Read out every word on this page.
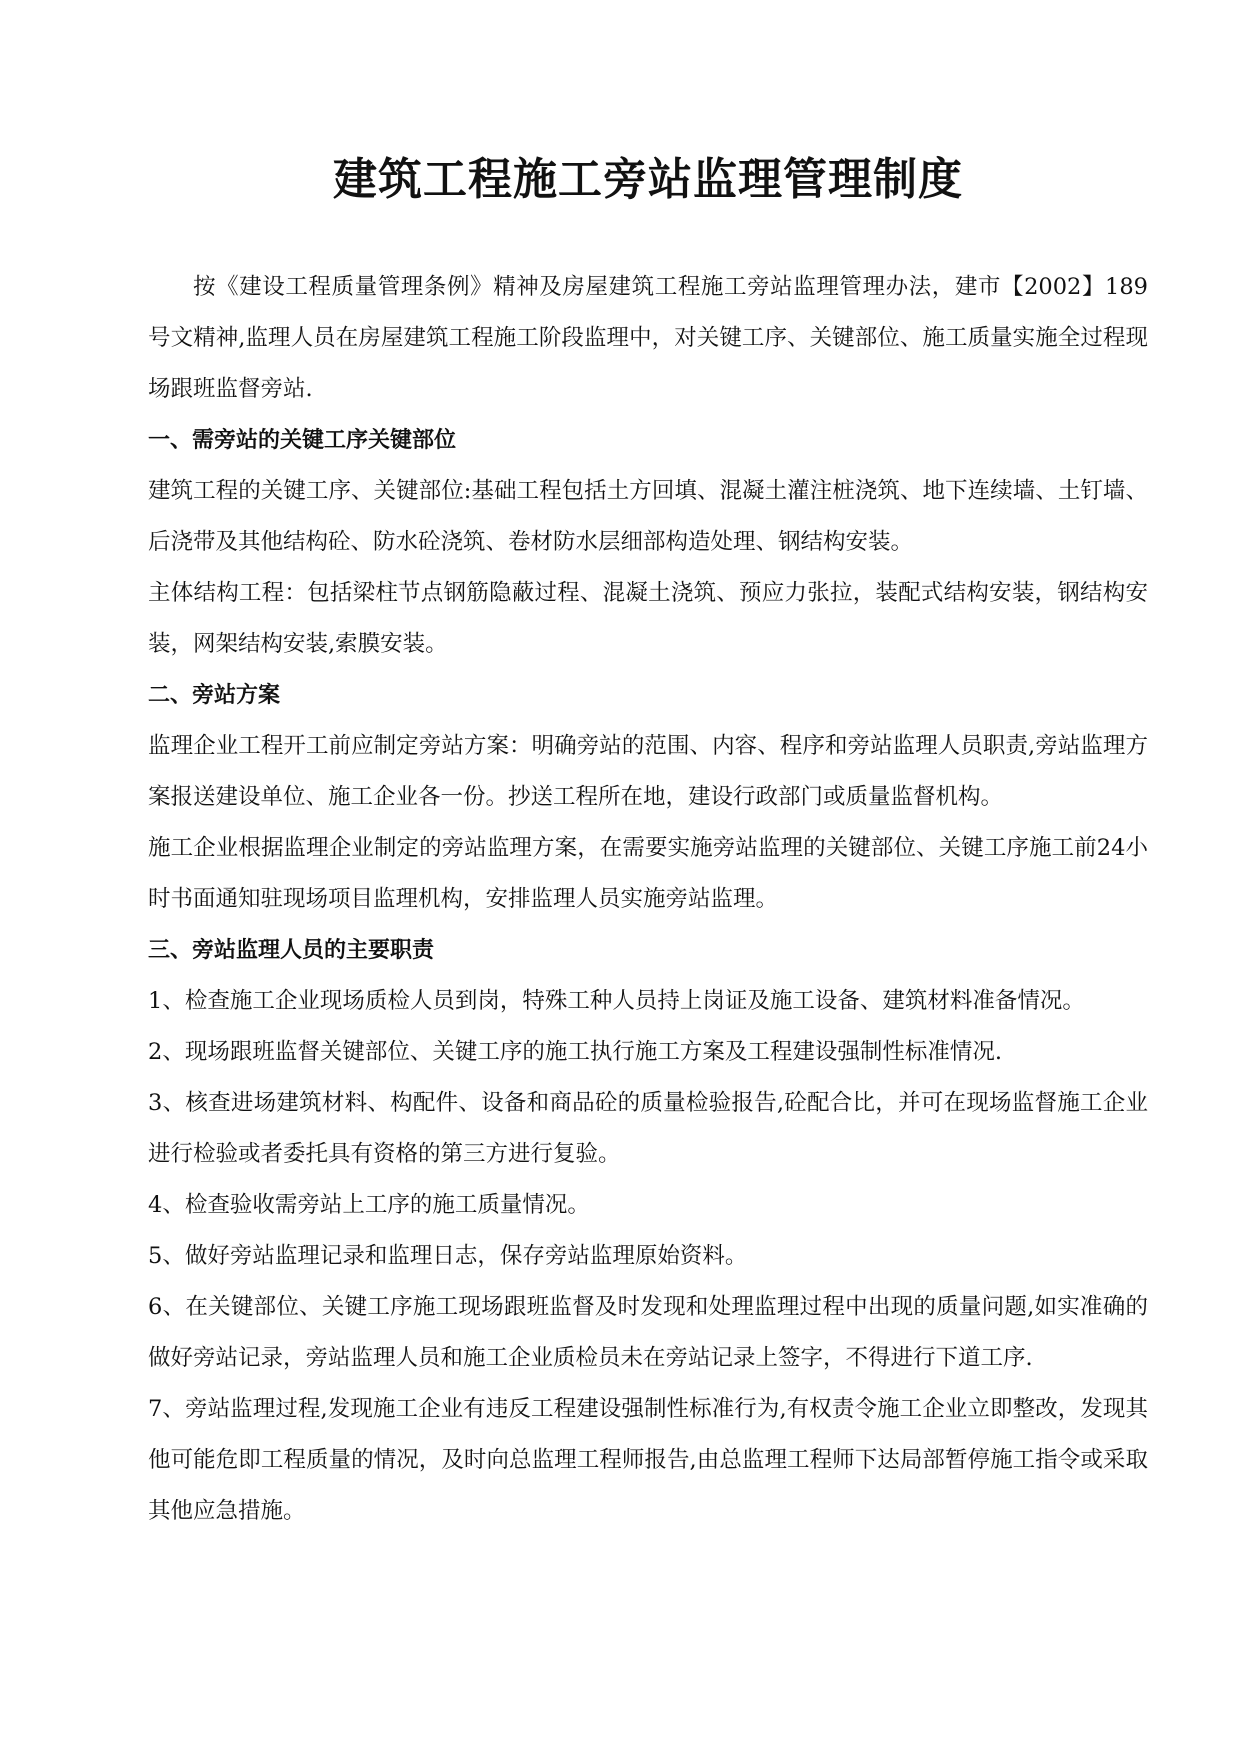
建筑工程施工旁站监理管理制度

按《建设工程质量管理条例》精神及房屋建筑工程施工旁站监理管理办法，建市【2002】189号文精神,监理人员在房屋建筑工程施工阶段监理中，对关键工序、关键部位、施工质量实施全过程现场跟班监督旁站.

一、需旁站的关键工序关键部位

建筑工程的关键工序、关键部位:基础工程包括土方回填、混凝土灌注桩浇筑、地下连续墙、土钉墙、后浇带及其他结构砼、防水砼浇筑、卷材防水层细部构造处理、钢结构安装。

主体结构工程：包括梁柱节点钢筋隐蔽过程、混凝土浇筑、预应力张拉，装配式结构安装，钢结构安装，网架结构安装,索膜安装。

二、旁站方案

监理企业工程开工前应制定旁站方案：明确旁站的范围、内容、程序和旁站监理人员职责,旁站监理方案报送建设单位、施工企业各一份。抄送工程所在地，建设行政部门或质量监督机构。

施工企业根据监理企业制定的旁站监理方案，在需要实施旁站监理的关键部位、关键工序施工前24小时书面通知驻现场项目监理机构，安排监理人员实施旁站监理。

三、旁站监理人员的主要职责

1、检查施工企业现场质检人员到岗，特殊工种人员持上岗证及施工设备、建筑材料准备情况。

2、现场跟班监督关键部位、关键工序的施工执行施工方案及工程建设强制性标准情况.

3、核查进场建筑材料、构配件、设备和商品砼的质量检验报告,砼配合比，并可在现场监督施工企业进行检验或者委托具有资格的第三方进行复验。

4、检查验收需旁站上工序的施工质量情况。

5、做好旁站监理记录和监理日志，保存旁站监理原始资料。

6、在关键部位、关键工序施工现场跟班监督及时发现和处理监理过程中出现的质量问题,如实准确的做好旁站记录，旁站监理人员和施工企业质检员未在旁站记录上签字，不得进行下道工序.

7、旁站监理过程,发现施工企业有违反工程建设强制性标准行为,有权责令施工企业立即整改，发现其他可能危即工程质量的情况，及时向总监理工程师报告,由总监理工程师下达局部暂停施工指令或采取其他应急措施。
